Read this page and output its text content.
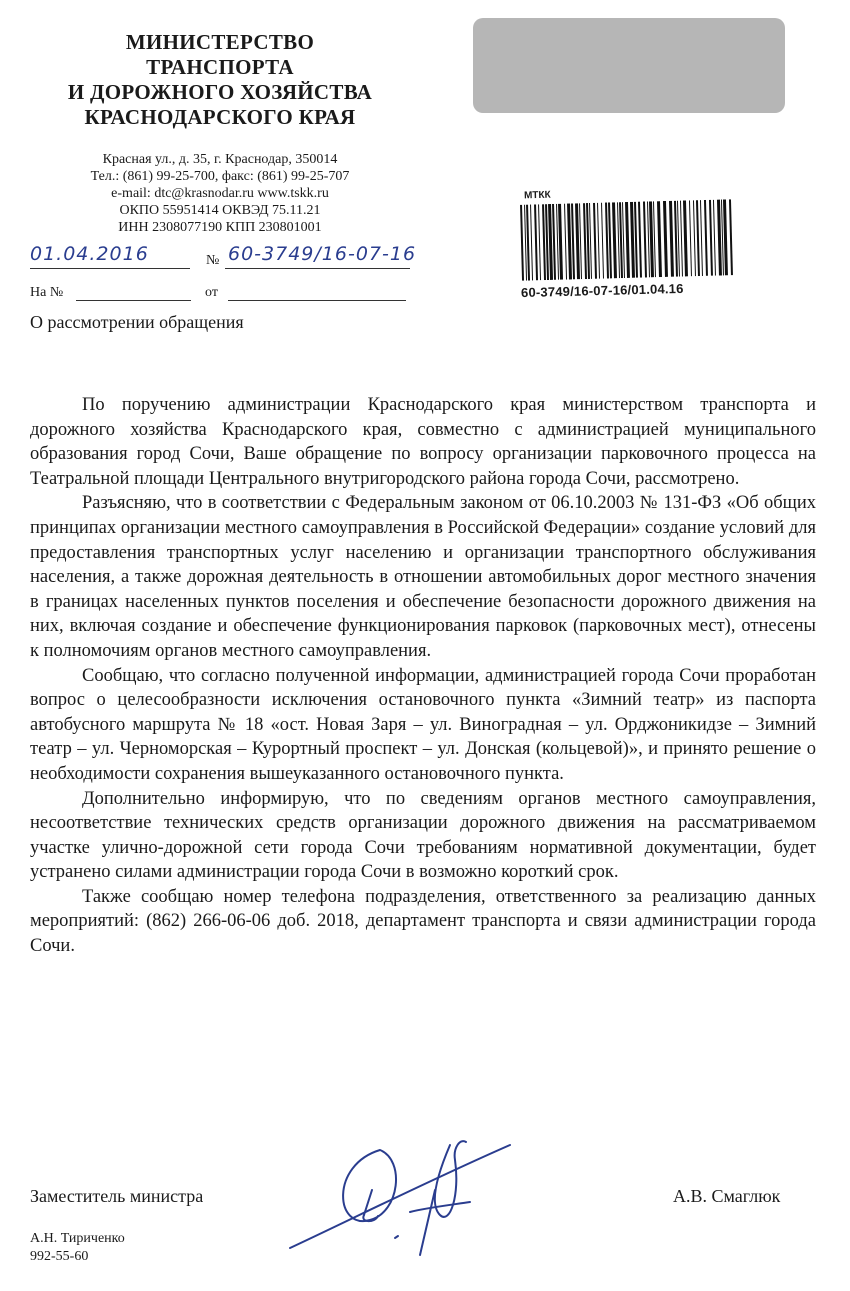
МИНИСТЕРСТВО
ТРАНСПОРТА
И ДОРОЖНОГО ХОЗЯЙСТВА
КРАСНОДАРСКОГО КРАЯ
Красная ул., д. 35, г. Краснодар, 350014
Тел.: (861) 99-25-700, факс: (861) 99-25-707
e-mail: dtc@krasnodar.ru www.tskk.ru
ОКПО 55951414 ОКВЭД 75.11.21
ИНН 2308077190 КПП 230801001
01.04.2016	№ 60-3749/16-07-16
На №	от
О рассмотрении обращения
МТКК
60-3749/16-07-16/01.04.16

По поручению администрации Краснодарского края министерством транспорта и дорожного хозяйства Краснодарского края, совместно с администрацией муниципального образования город Сочи, Ваше обращение по вопросу организации парковочного процесса на Театральной площади Центрального внутригородского района города Сочи, рассмотрено.

Разъясняю, что в соответствии с Федеральным законом от 06.10.2003 № 131-ФЗ «Об общих принципах организации местного самоуправления в Российской Федерации» создание условий для предоставления транспортных услуг населению и организации транспортного обслуживания населения, а также дорожная деятельность в отношении автомобильных дорог местного значения в границах населенных пунктов поселения и обеспечение безопасности дорожного движения на них, включая создание и обеспечение функционирования парковок (парковочных мест), отнесены к полномочиям органов местного самоуправления.

Сообщаю, что согласно полученной информации, администрацией города Сочи проработан вопрос о целесообразности исключения остановочного пункта «Зимний театр» из паспорта автобусного маршрута № 18 «ост. Новая Заря – ул. Виноградная – ул. Орджоникидзе – Зимний театр – ул. Черноморская – Курортный проспект – ул. Донская (кольцевой)», и принято решение о необходимости сохранения вышеуказанного остановочного пункта.

Дополнительно информирую, что по сведениям органов местного самоуправления, несоответствие технических средств организации дорожного движения на рассматриваемом участке улично-дорожной сети города Сочи требованиям нормативной документации, будет устранено силами администрации города Сочи в возможно короткий срок.

Также сообщаю номер телефона подразделения, ответственного за реализацию данных мероприятий: (862) 266-06-06 доб. 2018, департамент транспорта и связи администрации города Сочи.

Заместитель министра	А.В. Смаглюк
А.Н. Тириченко
992-55-60
